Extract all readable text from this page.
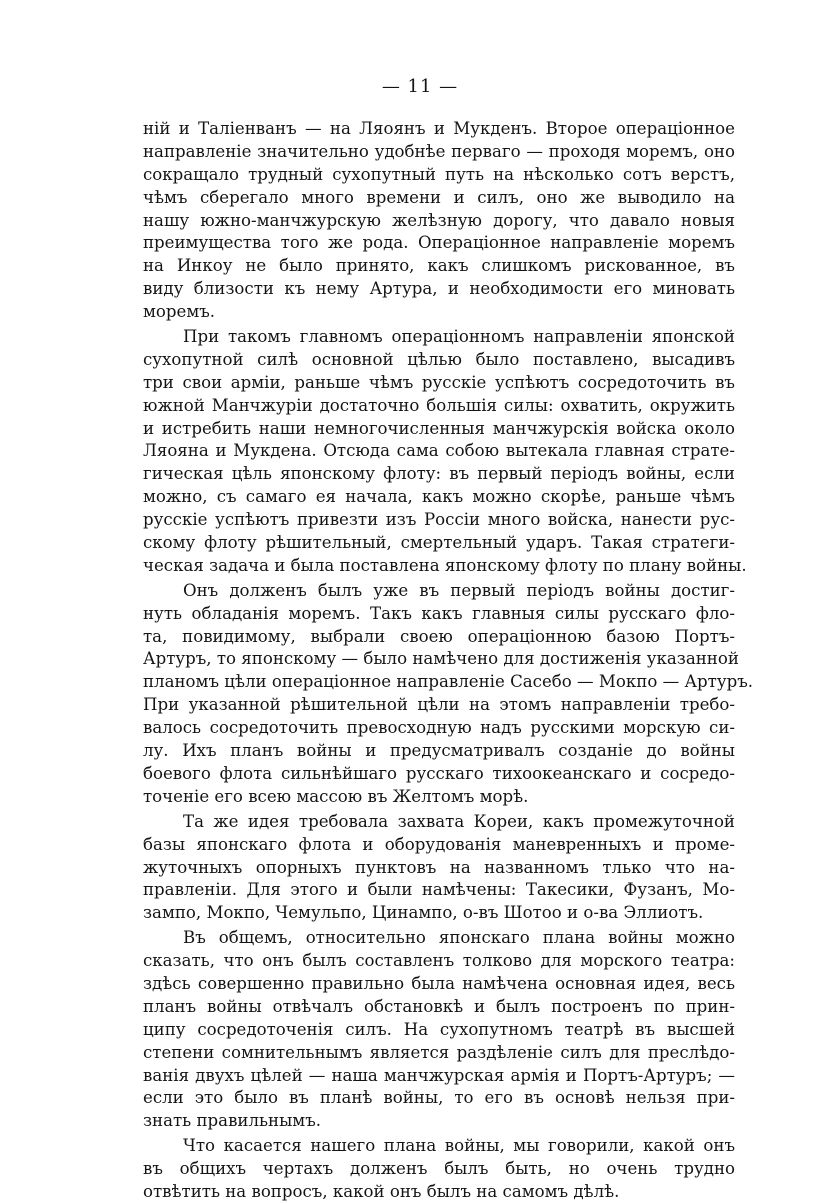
— 11 —
ній и Таліенванъ — на Ляоянъ и Мукденъ. Второе операціонное
направленіе значительно удобнѣе перваго — проходя моремъ, оно
сокращало трудный сухопутный путь на нѣсколько сотъ верстъ,
чѣмъ сберегало много времени и силъ, оно же выводило на
нашу южно-манчжурскую желѣзную дорогу, что давало новыя
преимущества того же рода. Операціонное направленіе моремъ
на Инкоу не было принято, какъ слишкомъ рискованное, въ
виду близости къ нему Артура, и необходимости его миновать
моремъ.
При такомъ главномъ операціонномъ направленіи японской
сухопутной силѣ основной цѣлью было поставлено, высадивъ
три свои арміи, раньше чѣмъ русскіе успѣютъ сосредоточить въ
южной Манчжуріи достаточно большія силы: охватить, окружить
и истребить наши немногочисленныя манчжурскія войска около
Ляояна и Мукдена. Отсюда сама собою вытекала главная страте-
гическая цѣль японскому флоту: въ первый періодъ войны, если
можно, съ самаго ея начала, какъ можно скорѣе, раньше чѣмъ
русскіе успѣютъ привезти изъ Россіи много войска, нанести рус-
скому флоту рѣшительный, смертельный ударъ. Такая стратеги-
ческая задача и была поставлена японскому флоту по плану войны.
Онъ долженъ былъ уже въ первый періодъ войны достиг-
нуть обладанія моремъ. Такъ какъ главныя силы русскаго фло-
та, повидимому, выбрали своею операціонною базою Портъ-
Артуръ, то японскому — было намѣчено для достиженія указанной
планомъ цѣли операціонное направленіе Сасебо — Мокпо — Артуръ.
При указанной рѣшительной цѣли на этомъ направленіи требо-
валось сосредоточить превосходную надъ русскими морскую си-
лу. Ихъ планъ войны и предусматривалъ созданіе до войны
боевого флота сильнѣйшаго русскаго тихоокеанскаго и сосредо-
точеніе его всею массою въ Желтомъ морѣ.
Та же идея требовала захвата Кореи, какъ промежуточной
базы японскаго флота и оборудованія маневренныхъ и проме-
жуточныхъ опорныхъ пунктовъ на названномъ тлько что на-
правленіи. Для этого и были намѣчены: Такесики, Фузанъ, Мо-
зампо, Мокпо, Чемульпо, Цинампо, о-въ Шотоо и о-ва Эллиотъ.
Въ общемъ, относительно японскаго плана войны можно
сказать, что онъ былъ составленъ толково для морского театра:
здѣсь совершенно правильно была намѣчена основная идея, весь
планъ войны отвѣчалъ обстановкѣ и былъ построенъ по прин-
ципу сосредоточенія силъ. На сухопутномъ театрѣ въ высшей
степени сомнительнымъ является раздѣленіе силъ для преслѣдо-
ванія двухъ цѣлей — наша манчжурская армія и Портъ-Артуръ; —
если это было въ планѣ войны, то его въ основѣ нельзя при-
знать правильнымъ.
Что касается нашего плана войны, мы говорили, какой онъ
въ общихъ чертахъ долженъ былъ быть, но очень трудно
отвѣтить на вопросъ, какой онъ былъ на самомъ дѣлѣ.
